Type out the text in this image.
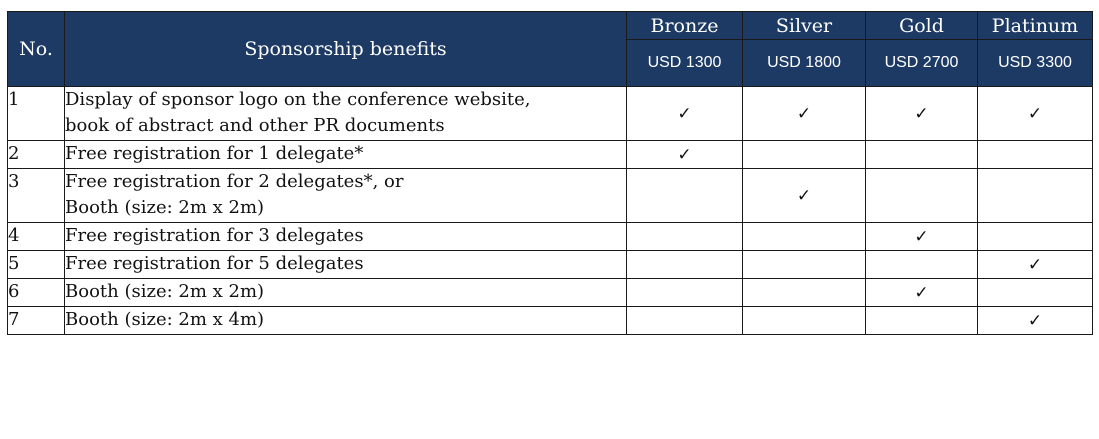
No.	Sponsorship benefits	Bronze	Silver	Gold	Platinum
		USD 1300	USD 1800	USD 2700	USD 3300
1	Display of sponsor logo on the conference website,
book of abstract and other PR documents	✓	✓	✓	✓
2	Free registration for 1 delegate*	✓			
3	Free registration for 2 delegates*, or
Booth (size: 2m x 2m)		✓		
4	Free registration for 3 delegates			✓	
5	Free registration for 5 delegates				✓
6	Booth (size: 2m x 2m)			✓	
7	Booth (size: 2m x 4m)				✓
